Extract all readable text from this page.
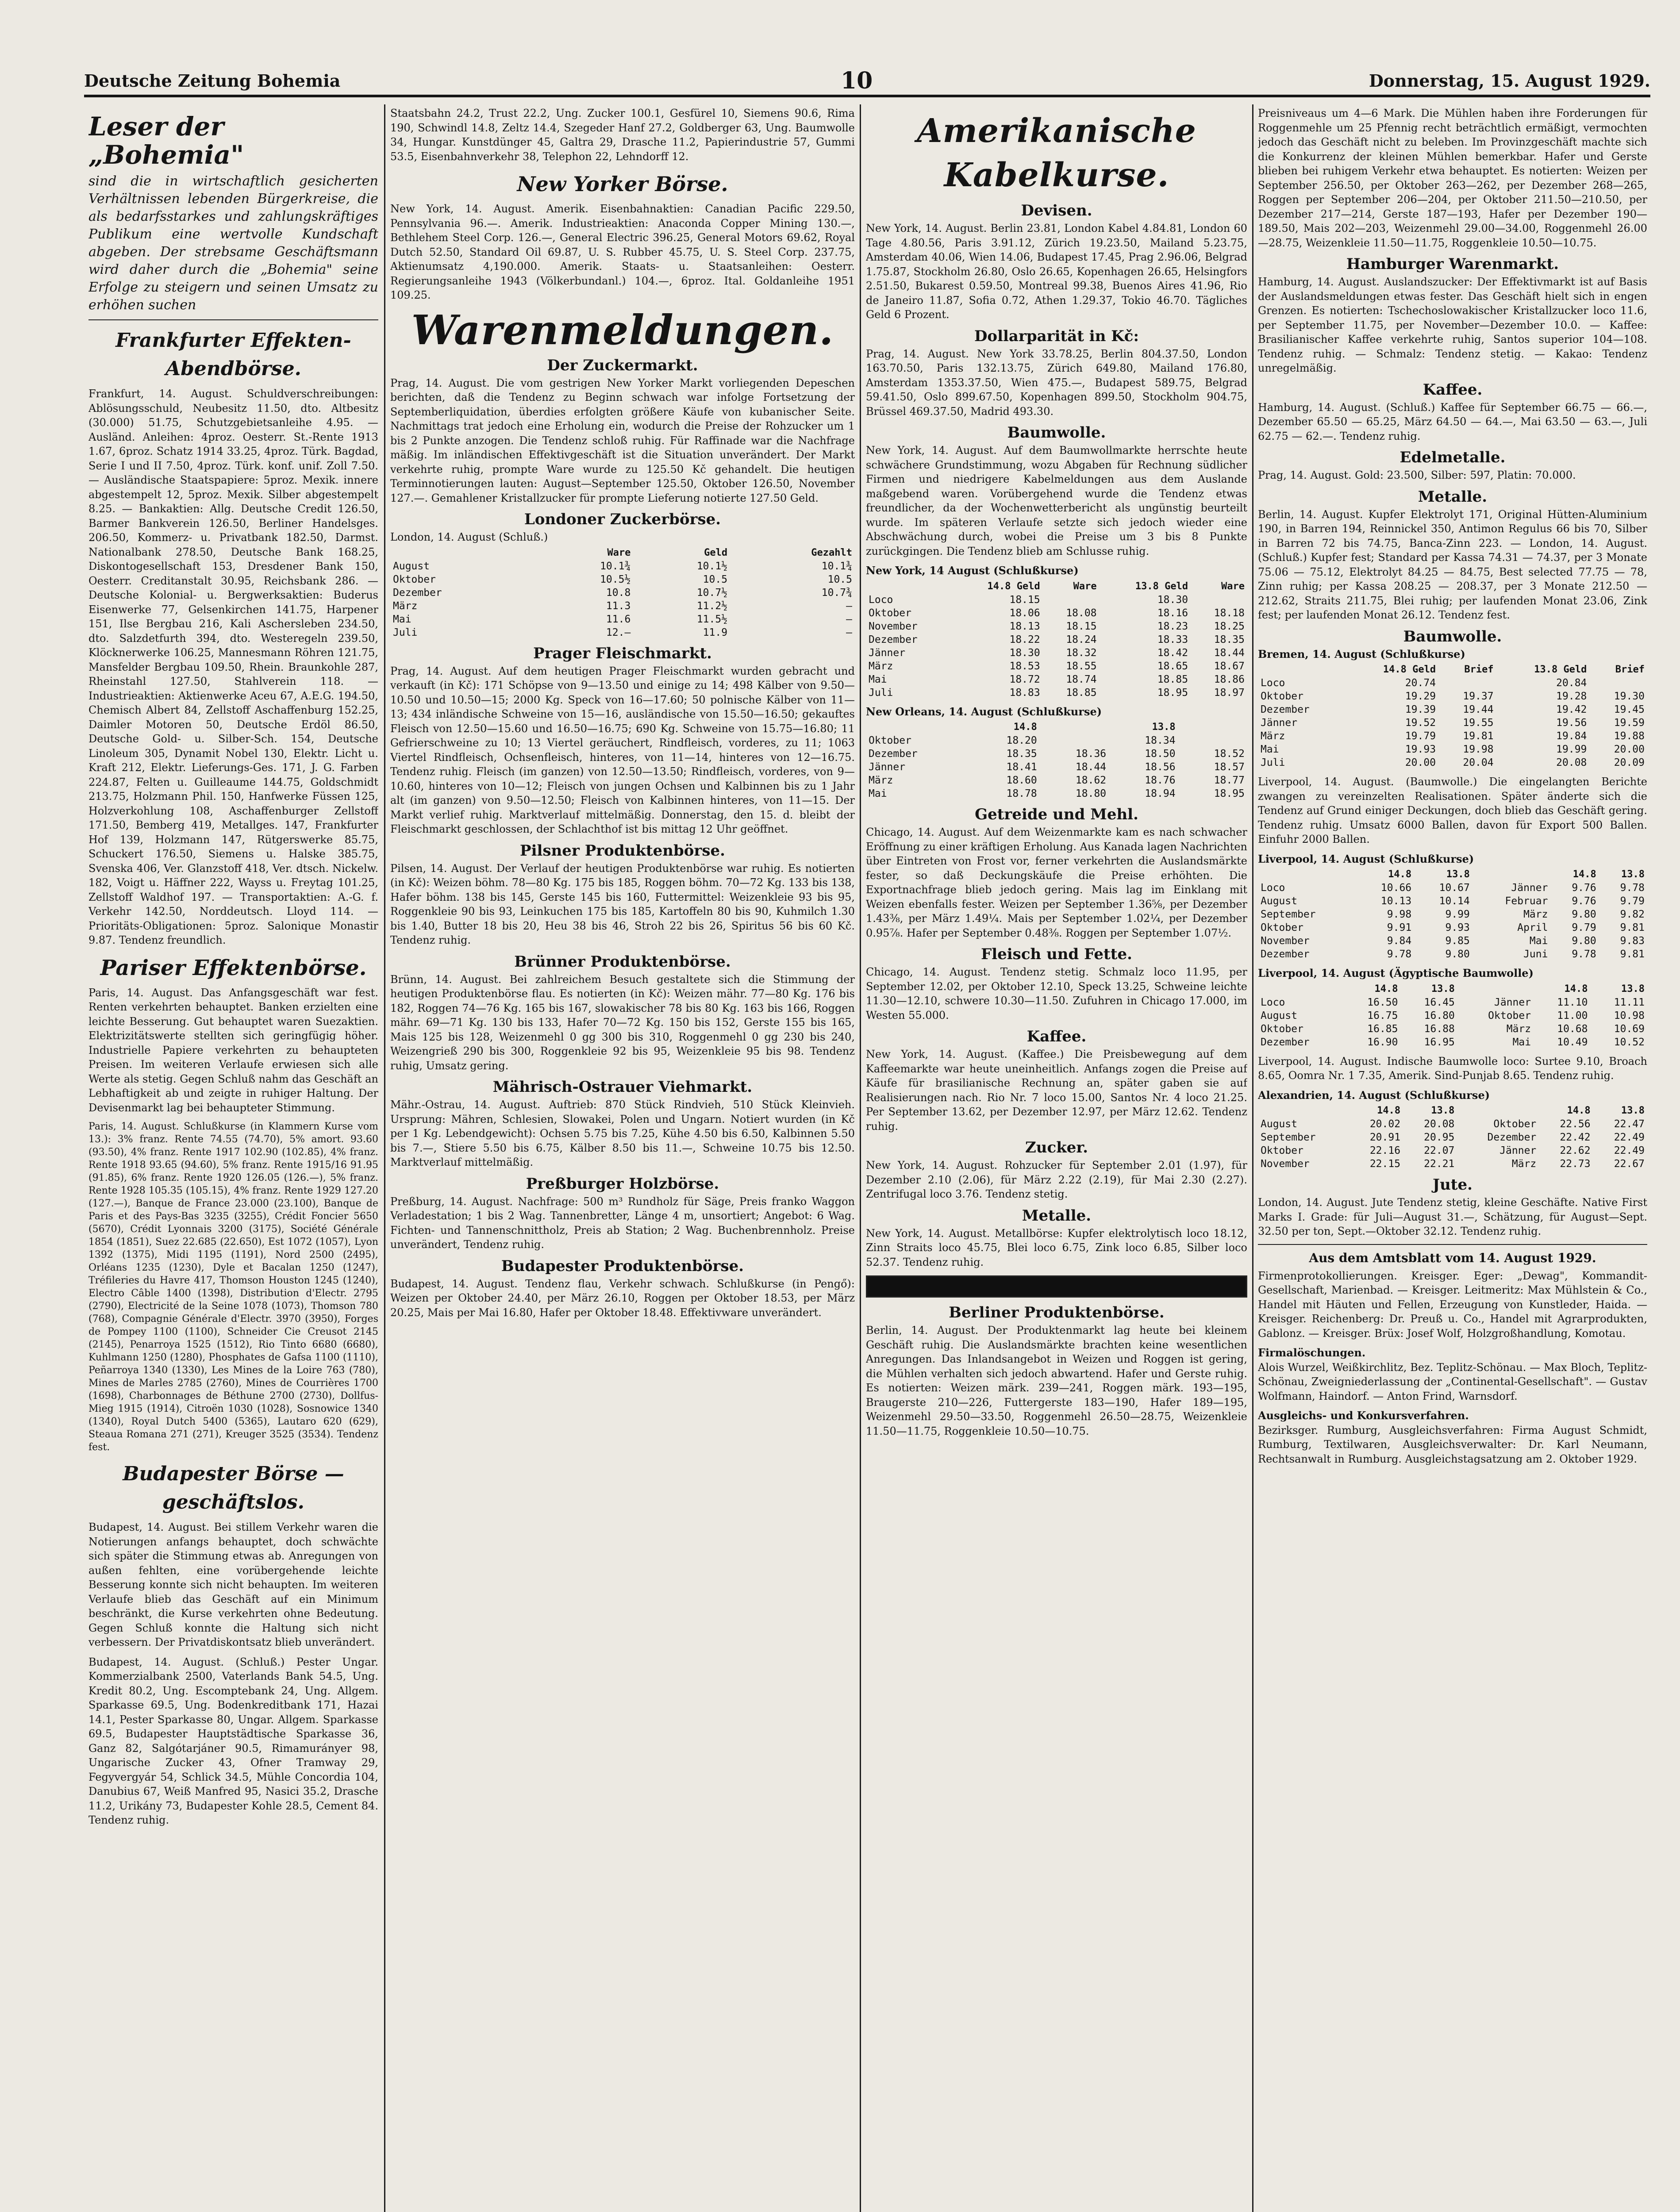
Deutsche Zeitung Bohemia	10	Donnerstag, 15. August 1929.
Leser der „Bohemia"
sind die in wirtschaftlich gesicherten Verhältnissen lebenden Bürgerkreise, die als bedarfsstarkes und zahlungskräftiges Publikum eine wertvolle Kundschaft abgeben. Der strebsame Geschäftsmann wird daher durch die „Bohemia" seine Erfolge zu steigern und seinen Umsatz zu erhöhen suchen
Frankfurter Effekten-Abendbörse.
Frankfurt, 14. August. Schuldverschreibungen: Ablösungsschuld, Neubesitz 11.50, dto. Altbesitz (30.000) 51.75, Schutzgebietsanleihe 4.95. — Ausländ. Anleihen: 4proz. Oesterr. St.-Rente 1913 1.67, 6proz. Schatz 1914 33.25, 4proz. Türk. Bagdad, Serie I und II 7.50, 4proz. Türk. konf. unif. Zoll 7.50. — Ausländische Staatspapiere: 5proz. Mexik. innere abgestempelt 12, 5proz. Mexik. Silber abgestempelt 8.25. — Bankaktien: Allg. Deutsche Credit 126.50, Barmer Bankverein 126.50, Berliner Handelsges. 206.50, Kommerz- u. Privatbank 182.50, Darmst. Nationalbank 278.50, Deutsche Bank 168.25, Diskontogesellschaft 153, Dresdener Bank 150, Oesterr. Creditanstalt 30.95, Reichsbank 286. — Deutsche Kolonial- u. Bergwerksaktien: Buderus Eisenwerke 77, Gelsenkirchen 141.75, Harpener 151, Ilse Bergbau 216, Kali Aschersleben 234.50, dto. Salzdetfurth 394, dto. Westeregeln 239.50, Klöcknerwerke 106.25, Mannesmann Röhren 121.75, Mansfelder Bergbau 109.50, Rhein. Braunkohle 287, Rheinstahl 127.50, Stahlverein 118. — Industrieaktien: Aktienwerke Aceu 67, A.E.G. 194.50, Chemisch Albert 84, Zellstoff Aschaffenburg 152.25, Daimler Motoren 50, Deutsche Erdöl 86.50, Deutsche Gold- u. Silber-Sch. 154, Deutsche Linoleum 305, Dynamit Nobel 130, Elektr. Licht u. Kraft 212, Elektr. Lieferungs-Ges. 171, J. G. Farben 224.87, Felten u. Guilleaume 144.75, Goldschmidt 213.75, Holzmann Phil. 150, Hanfwerke Füssen 125, Holzverkohlung 108, Aschaffenburger Zellstoff 171.50, Bemberg 419, Metallges. 147, Frankfurter Hof 139, Holzmann 147, Rütgerswerke 85.75, Schuckert 176.50, Siemens u. Halske 385.75, Svenska 406, Ver. Glanzstoff 418, Ver. dtsch. Nickelw. 182, Voigt u. Häffner 222, Wayss u. Freytag 101.25, Zellstoff Waldhof 197. — Transportaktien: A.-G. f. Verkehr 142.50, Norddeutsch. Lloyd 114. — Prioritäts-Obligationen: 5proz. Salonique Monastir 9.87. Tendenz freundlich.
Pariser Effektenbörse.
Paris, 14. August. Das Anfangsgeschäft war fest. Renten verkehrten behauptet. Banken erzielten eine leichte Besserung. Gut behauptet waren Suezaktien. Elektrizitätswerte stellten sich geringfügig höher. Industrielle Papiere verkehrten zu behaupteten Preisen. Im weiteren Verlaufe erwiesen sich alle Werte als stetig. Gegen Schluß nahm das Geschäft an Lebhaftigkeit ab und zeigte in ruhiger Haltung. Der Devisenmarkt lag bei behaupteter Stimmung.
Paris, 14. August. Schlußkurse (in Klammern Kurse vom 13.): 3% franz. Rente 74.55 (74.70), 5% amort. 93.60 (93.50), 4% franz. Rente 1917 102.90 (102.85), 4% franz. Rente 1918 93.65 (94.60), 5% franz. Rente 1915/16 91.95 (91.85), 6% franz. Rente 1920 126.05 (126.—), 5% franz. Rente 1928 105.35 (105.15), 4% franz. Rente 1929 127.20 (127.—), Banque de France 23.000 (23.100), Banque de Paris et des Pays-Bas 3235 (3255), Crédit Foncier 5650 (5670), Crédit Lyonnais 3200 (3175), Société Générale 1854 (1851), Suez 22.685 (22.650), Est 1072 (1057), Lyon 1392 (1375), Midi 1195 (1191), Nord 2500 (2495), Orléans 1235 (1230), Dyle et Bacalan 1250 (1247), Tréfileries du Havre 417, Thomson Houston 1245 (1240), Electro Câble 1400 (1398), Distribution d'Electr. 2795 (2790), Electricité de la Seine 1078 (1073), Thomson 780 (768), Compagnie Générale d'Electr. 3970 (3950), Forges de Pompey 1100 (1100), Schneider Cie Creusot 2145 (2145), Penarroya 1525 (1512), Rio Tinto 6680 (6680), Kuhlmann 1250 (1280), Phosphates de Gafsa 1100 (1110), Peñarroya 1340 (1330), Les Mines de la Loire 763 (780), Mines de Marles 2785 (2760), Mines de Courrières 1700 (1698), Charbonnages de Béthune 2700 (2730), Dollfus-Mieg 1915 (1914), Citroën 1030 (1028), Sosnowice 1340 (1340), Royal Dutch 5400 (5365), Lautaro 620 (629), Steaua Romana 271 (271), Kreuger 3525 (3534). Tendenz fest.
Budapester Börse — geschäftslos.
Budapest, 14. August. Bei stillem Verkehr waren die Notierungen anfangs behauptet, doch schwächte sich später die Stimmung etwas ab. Anregungen von außen fehlten, eine vorübergehende leichte Besserung konnte sich nicht behaupten. Im weiteren Verlaufe blieb das Geschäft auf ein Minimum beschränkt, die Kurse verkehrten ohne Bedeutung. Gegen Schluß konnte die Haltung sich nicht verbessern. Der Privatdiskontsatz blieb unverändert.
Budapest, 14. August. (Schluß.) Pester Ungar. Kommerzialbank 2500, Vaterlands Bank 54.5, Ung. Kredit 80.2, Ung. Escomptebank 24, Ung. Allgem. Sparkasse 69.5, Ung. Bodenkreditbank 171, Hazai 14.1, Pester Sparkasse 80, Ungar. Allgem. Sparkasse 69.5, Budapester Hauptstädtische Sparkasse 36, Ganz 82, Salgótarjáner 90.5, Rimamurányer 98, Ungarische Zucker 43, Ofner Tramway 29, Fegyvergyár 54, Schlick 34.5, Mühle Concordia 104, Danubius 67, Weiß Manfred 95, Nasici 35.2, Drasche 11.2, Urikány 73, Budapester Kohle 28.5, Cement 84. Tendenz ruhig.
Staatsbahn 24.2, Trust 22.2, Ung. Zucker 100.1, Gesfürel 10, Siemens 90.6, Rima 190, Schwindl 14.8, Zeltz 14.4, Szegeder Hanf 27.2, Goldberger 63, Ung. Baumwolle 34, Hungar. Kunstdünger 45, Galtra 29, Drasche 11.2, Papierindustrie 57, Gummi 53.5, Eisenbahnverkehr 38, Telephon 22, Lehndorff 12.
New Yorker Börse.
New York, 14. August. Amerik. Eisenbahnaktien: Canadian Pacific 229.50, Pennsylvania 96.—. Amerik. Industrieaktien: Anaconda Copper Mining 130.—, Bethlehem Steel Corp. 126.—, General Electric 396.25, General Motors 69.62, Royal Dutch 52.50, Standard Oil 69.87, U. S. Rubber 45.75, U. S. Steel Corp. 237.75, Aktienumsatz 4,190.000. Amerik. Staats- u. Staatsanleihen: Oesterr. Regierungsanleihe 1943 (Völkerbundanl.) 104.—, 6proz. Ital. Goldanleihe 1951 109.25.
Warenmeldungen.
Der Zuckermarkt.
Prag, 14. August. Die vom gestrigen New Yorker Markt vorliegenden Depeschen berichten, daß die Tendenz zu Beginn schwach war infolge Fortsetzung der Septemberliquidation, überdies erfolgten größere Käufe von kubanischer Seite. Nachmittags trat jedoch eine Erholung ein, wodurch die Preise der Rohzucker um 1 bis 2 Punkte anzogen. Die Tendenz schloß ruhig. Für Raffinade war die Nachfrage mäßig. Im inländischen Effektivgeschäft ist die Situation unverändert. Der Markt verkehrte ruhig, prompte Ware wurde zu 125.50 Kč gehandelt. Die heutigen Terminnotierungen lauten: August—September 125.50, Oktober 126.50, November 127.—. Gemahlener Kristallzucker für prompte Lieferung notierte 127.50 Geld.
Londoner Zuckerbörse.
London, 14. August (Schluß.)
	Ware	Geld	Gezahlt
August	10.1¾	10.1½	10.1¾
Oktober	10.5½	10.5	10.5
Dezember	10.8	10.7½	10.7¾
März	11.3	11.2½	—
Mai	11.6	11.5½	—
Juli	12.—	11.9	—
Prager Fleischmarkt.
Prag, 14. August. Auf dem heutigen Prager Fleischmarkt wurden gebracht und verkauft (in Kč): 171 Schöpse von 9—13.50 und einige zu 14; 498 Kälber von 9.50—10.50 und 10.50—15; 2000 Kg. Speck von 16—17.60; 50 polnische Kälber von 11—13; 434 inländische Schweine von 15—16, ausländische von 15.50—16.50; gekauftes Fleisch von 12.50—15.60 und 16.50—16.75; 690 Kg. Schweine von 15.75—16.80; 11 Gefrierschweine zu 10; 13 Viertel geräuchert, Rindfleisch, vorderes, zu 11; 1063 Viertel Rindfleisch, Ochsenfleisch, hinteres, von 11—14, hinteres von 12—16.75. Tendenz ruhig. Fleisch (im ganzen) von 12.50—13.50; Rindfleisch, vorderes, von 9—10.60, hinteres von 10—12; Fleisch von jungen Ochsen und Kalbinnen bis zu 1 Jahr alt (im ganzen) von 9.50—12.50; Fleisch von Kalbinnen hinteres, von 11—15. Der Markt verlief ruhig. Marktverlauf mittelmäßig. Donnerstag, den 15. d. bleibt der Fleischmarkt geschlossen, der Schlachthof ist bis mittag 12 Uhr geöffnet.
Pilsner Produktenbörse.
Pilsen, 14. August. Der Verlauf der heutigen Produktenbörse war ruhig. Es notierten (in Kč): Weizen böhm. 78—80 Kg. 175 bis 185, Roggen böhm. 70—72 Kg. 133 bis 138, Hafer böhm. 138 bis 145, Gerste 145 bis 160, Futtermittel: Weizenkleie 93 bis 95, Roggenkleie 90 bis 93, Leinkuchen 175 bis 185, Kartoffeln 80 bis 90, Kuhmilch 1.30 bis 1.40, Butter 18 bis 20, Heu 38 bis 46, Stroh 22 bis 26, Spiritus 56 bis 60 Kč. Tendenz ruhig.
Brünner Produktenbörse.
Brünn, 14. August. Bei zahlreichem Besuch gestaltete sich die Stimmung der heutigen Produktenbörse flau. Es notierten (in Kč): Weizen mähr. 77—80 Kg. 176 bis 182, Roggen 74—76 Kg. 165 bis 167, slowakischer 78 bis 80 Kg. 163 bis 166, Roggen mähr. 69—71 Kg. 130 bis 133, Hafer 70—72 Kg. 150 bis 152, Gerste 155 bis 165, Mais 125 bis 128, Weizenmehl 0 gg 300 bis 310, Roggenmehl 0 gg 230 bis 240, Weizengrieß 290 bis 300, Roggenkleie 92 bis 95, Weizenkleie 95 bis 98. Tendenz ruhig, Umsatz gering.
Mährisch-Ostrauer Viehmarkt.
Mähr.-Ostrau, 14. August. Auftrieb: 870 Stück Rindvieh, 510 Stück Kleinvieh. Ursprung: Mähren, Schlesien, Slowakei, Polen und Ungarn. Notiert wurden (in Kč per 1 Kg. Lebendgewicht): Ochsen 5.75 bis 7.25, Kühe 4.50 bis 6.50, Kalbinnen 5.50 bis 7.—, Stiere 5.50 bis 6.75, Kälber 8.50 bis 11.—, Schweine 10.75 bis 12.50. Marktverlauf mittelmäßig.
Preßburger Holzbörse.
Preßburg, 14. August. Nachfrage: 500 m³ Rundholz für Säge, Preis franko Waggon Verladestation; 1 bis 2 Wag. Tannenbretter, Länge 4 m, unsortiert; Angebot: 6 Wag. Fichten- und Tannenschnittholz, Preis ab Station; 2 Wag. Buchenbrennholz. Preise unverändert, Tendenz ruhig.
Budapester Produktenbörse.
Budapest, 14. August. Tendenz flau, Verkehr schwach. Schlußkurse (in Pengő): Weizen per Oktober 24.40, per März 26.10, Roggen per Oktober 18.53, per März 20.25, Mais per Mai 16.80, Hafer per Oktober 18.48. Effektivware unverändert.
Amerikanische Kabelkurse.
Devisen.
New York, 14. August. Berlin 23.81, London Kabel 4.84.81, London 60 Tage 4.80.56, Paris 3.91.12, Zürich 19.23.50, Mailand 5.23.75, Amsterdam 40.06, Wien 14.06, Budapest 17.45, Prag 2.96.06, Belgrad 1.75.87, Stockholm 26.80, Oslo 26.65, Kopenhagen 26.65, Helsingfors 2.51.50, Bukarest 0.59.50, Montreal 99.38, Buenos Aires 41.96, Rio de Janeiro 11.87, Sofia 0.72, Athen 1.29.37, Tokio 46.70. Tägliches Geld 6 Prozent.
Dollarparität in Kč:
Prag, 14. August. New York 33.78.25, Berlin 804.37.50, London 163.70.50, Paris 132.13.75, Zürich 649.80, Mailand 176.80, Amsterdam 1353.37.50, Wien 475.—, Budapest 589.75, Belgrad 59.41.50, Oslo 899.67.50, Kopenhagen 899.50, Stockholm 904.75, Brüssel 469.37.50, Madrid 493.30.
Baumwolle.
New York, 14. August. Auf dem Baumwollmarkte herrschte heute schwächere Grundstimmung, wozu Abgaben für Rechnung südlicher Firmen und niedrigere Kabelmeldungen aus dem Auslande maßgebend waren. Vorübergehend wurde die Tendenz etwas freundlicher, da der Wochenwetterbericht als ungünstig beurteilt wurde. Im späteren Verlaufe setzte sich jedoch wieder eine Abschwächung durch, wobei die Preise um 3 bis 8 Punkte zurückgingen. Die Tendenz blieb am Schlusse ruhig.
New York, 14 August (Schlußkurse)
	14.8 Geld	Ware	13.8 Geld	Ware
Loco	18.15		18.30	
Oktober	18.06	18.08	18.16	18.18
November	18.13	18.15	18.23	18.25
Dezember	18.22	18.24	18.33	18.35
Jänner	18.30	18.32	18.42	18.44
März	18.53	18.55	18.65	18.67
Mai	18.72	18.74	18.85	18.86
Juli	18.83	18.85	18.95	18.97
New Orleans, 14. August (Schlußkurse)
	14.8		13.8	
Oktober	18.20		18.34	
Dezember	18.35	18.36	18.50	18.52
Jänner	18.41	18.44	18.56	18.57
März	18.60	18.62	18.76	18.77
Mai	18.78	18.80	18.94	18.95
Getreide und Mehl.
Chicago, 14. August. Auf dem Weizenmarkte kam es nach schwacher Eröffnung zu einer kräftigen Erholung. Aus Kanada lagen Nachrichten über Eintreten von Frost vor, ferner verkehrten die Auslandsmärkte fester, so daß Deckungskäufe die Preise erhöhten. Die Exportnachfrage blieb jedoch gering. Mais lag im Einklang mit Weizen ebenfalls fester. Weizen per September 1.36⅝, per Dezember 1.43⅜, per März 1.49¼. Mais per September 1.02¼, per Dezember 0.95⅞. Hafer per September 0.48⅜. Roggen per September 1.07½.
Fleisch und Fette.
Chicago, 14. August. Tendenz stetig. Schmalz loco 11.95, per September 12.02, per Oktober 12.10, Speck 13.25, Schweine leichte 11.30—12.10, schwere 10.30—11.50. Zufuhren in Chicago 17.000, im Westen 55.000.
Kaffee.
New York, 14. August. (Kaffee.) Die Preisbewegung auf dem Kaffeemarkte war heute uneinheitlich. Anfangs zogen die Preise auf Käufe für brasilianische Rechnung an, später gaben sie auf Realisierungen nach. Rio Nr. 7 loco 15.00, Santos Nr. 4 loco 21.25. Per September 13.62, per Dezember 12.97, per März 12.62. Tendenz ruhig.
Zucker.
New York, 14. August. Rohzucker für September 2.01 (1.97), für Dezember 2.10 (2.06), für März 2.22 (2.19), für Mai 2.30 (2.27). Zentrifugal loco 3.76. Tendenz stetig.
Metalle.
New York, 14. August. Metallbörse: Kupfer elektrolytisch loco 18.12, Zinn Straits loco 45.75, Blei loco 6.75, Zink loco 6.85, Silber loco 52.37. Tendenz ruhig.
Berliner Produktenbörse.
Berlin, 14. August. Der Produktenmarkt lag heute bei kleinem Geschäft ruhig. Die Auslandsmärkte brachten keine wesentlichen Anregungen. Das Inlandsangebot in Weizen und Roggen ist gering, die Mühlen verhalten sich jedoch abwartend. Hafer und Gerste ruhig. Es notierten: Weizen märk. 239—241, Roggen märk. 193—195, Braugerste 210—226, Futtergerste 183—190, Hafer 189—195, Weizenmehl 29.50—33.50, Roggenmehl 26.50—28.75, Weizenkleie 11.50—11.75, Roggenkleie 10.50—10.75.
Preisniveaus um 4—6 Mark. Die Mühlen haben ihre Forderungen für Roggenmehle um 25 Pfennig recht beträchtlich ermäßigt, vermochten jedoch das Geschäft nicht zu beleben. Im Provinzgeschäft machte sich die Konkurrenz der kleinen Mühlen bemerkbar. Hafer und Gerste blieben bei ruhigem Verkehr etwa behauptet. Es notierten: Weizen per September 256.50, per Oktober 263—262, per Dezember 268—265, Roggen per September 206—204, per Oktober 211.50—210.50, per Dezember 217—214, Gerste 187—193, Hafer per Dezember 190—189.50, Mais 202—203, Weizenmehl 29.00—34.00, Roggenmehl 26.00—28.75, Weizenkleie 11.50—11.75, Roggenkleie 10.50—10.75.
Hamburger Warenmarkt.
Hamburg, 14. August. Auslandszucker: Der Effektivmarkt ist auf Basis der Auslandsmeldungen etwas fester. Das Geschäft hielt sich in engen Grenzen. Es notierten: Tschechoslowakischer Kristallzucker loco 11.6, per September 11.75, per November—Dezember 10.0. — Kaffee: Brasilianischer Kaffee verkehrte ruhig, Santos superior 104—108. Tendenz ruhig. — Schmalz: Tendenz stetig. — Kakao: Tendenz unregelmäßig.
Kaffee.
Hamburg, 14. August. (Schluß.) Kaffee für September 66.75 — 66.—, Dezember 65.50 — 65.25, März 64.50 — 64.—, Mai 63.50 — 63.—, Juli 62.75 — 62.—. Tendenz ruhig.
Edelmetalle.
Prag, 14. August. Gold: 23.500, Silber: 597, Platin: 70.000.
Metalle.
Berlin, 14. August. Kupfer Elektrolyt 171, Original Hütten-Aluminium 190, in Barren 194, Reinnickel 350, Antimon Regulus 66 bis 70, Silber in Barren 72 bis 74.75, Banca-Zinn 223. — London, 14. August. (Schluß.) Kupfer fest; Standard per Kassa 74.31 — 74.37, per 3 Monate 75.06 — 75.12, Elektrolyt 84.25 — 84.75, Best selected 77.75 — 78, Zinn ruhig; per Kassa 208.25 — 208.37, per 3 Monate 212.50 — 212.62, Straits 211.75, Blei ruhig; per laufenden Monat 23.06, Zink fest; per laufenden Monat 26.12. Tendenz fest.
Baumwolle.
Bremen, 14. August (Schlußkurse)
	14.8 Geld	Brief	13.8 Geld	Brief
Loco	20.74		20.84	
Oktober	19.29	19.37	19.28	19.30
Dezember	19.39	19.44	19.42	19.45
Jänner	19.52	19.55	19.56	19.59
März	19.79	19.81	19.84	19.88
Mai	19.93	19.98	19.99	20.00
Juli	20.00	20.04	20.08	20.09
Liverpool, 14. August. (Baumwolle.) Die eingelangten Berichte zwangen zu vereinzelten Realisationen. Später änderte sich die Tendenz auf Grund einiger Deckungen, doch blieb das Geschäft gering. Tendenz ruhig. Umsatz 6000 Ballen, davon für Export 500 Ballen. Einfuhr 2000 Ballen.
Liverpool, 14. August (Schlußkurse)
	14.8	13.8		14.8	13.8
Loco	10.66	10.67	Jänner	9.76	9.78
August	10.13	10.14	Februar	9.76	9.79
September	9.98	9.99	März	9.80	9.82
Oktober	9.91	9.93	April	9.79	9.81
November	9.84	9.85	Mai	9.80	9.83
Dezember	9.78	9.80	Juni	9.78	9.81
Liverpool, 14. August (Ägyptische Baumwolle)
	14.8	13.8		14.8	13.8
Loco	16.50	16.45	Jänner	11.10	11.11
August	16.75	16.80	Oktober	11.00	10.98
Oktober	16.85	16.88	März	10.68	10.69
Dezember	16.90	16.95	Mai	10.49	10.52
Liverpool, 14. August. Indische Baumwolle loco: Surtee 9.10, Broach 8.65, Oomra Nr. 1 7.35, Amerik. Sind-Punjab 8.65. Tendenz ruhig.
Alexandrien, 14. August (Schlußkurse)
	14.8	13.8		14.8	13.8
August	20.02	20.08	Oktober	22.56	22.47
September	20.91	20.95	Dezember	22.42	22.49
Oktober	22.16	22.07	Jänner	22.62	22.49
November	22.15	22.21	März	22.73	22.67
Jute.
London, 14. August. Jute Tendenz stetig, kleine Geschäfte. Native First Marks I. Grade: für Juli—August 31.—, Schätzung, für August—Sept. 32.50 per ton, Sept.—Oktober 32.12. Tendenz ruhig.
Aus dem Amtsblatt vom 14. August 1929.
Firmenprotokollierungen. Kreisger. Eger: „Dewag", Kommandit-Gesellschaft, Marienbad. — Kreisger. Leitmeritz: Max Mühlstein & Co., Handel mit Häuten und Fellen, Erzeugung von Kunstleder, Haida. — Kreisger. Reichenberg: Dr. Preuß u. Co., Handel mit Agrarprodukten, Gablonz. — Kreisger. Brüx: Josef Wolf, Holzgroßhandlung, Komotau.
Firmalöschungen.
Alois Wurzel, Weißkirchlitz, Bez. Teplitz-Schönau. — Max Bloch, Teplitz-Schönau, Zweigniederlassung der „Continental-Gesellschaft". — Gustav Wolfmann, Haindorf. — Anton Frind, Warnsdorf.
Ausgleichs- und Konkursverfahren.
Bezirksger. Rumburg, Ausgleichsverfahren: Firma August Schmidt, Rumburg, Textilwaren, Ausgleichsverwalter: Dr. Karl Neumann, Rechtsanwalt in Rumburg. Ausgleichstagsatzung am 2. Oktober 1929.
